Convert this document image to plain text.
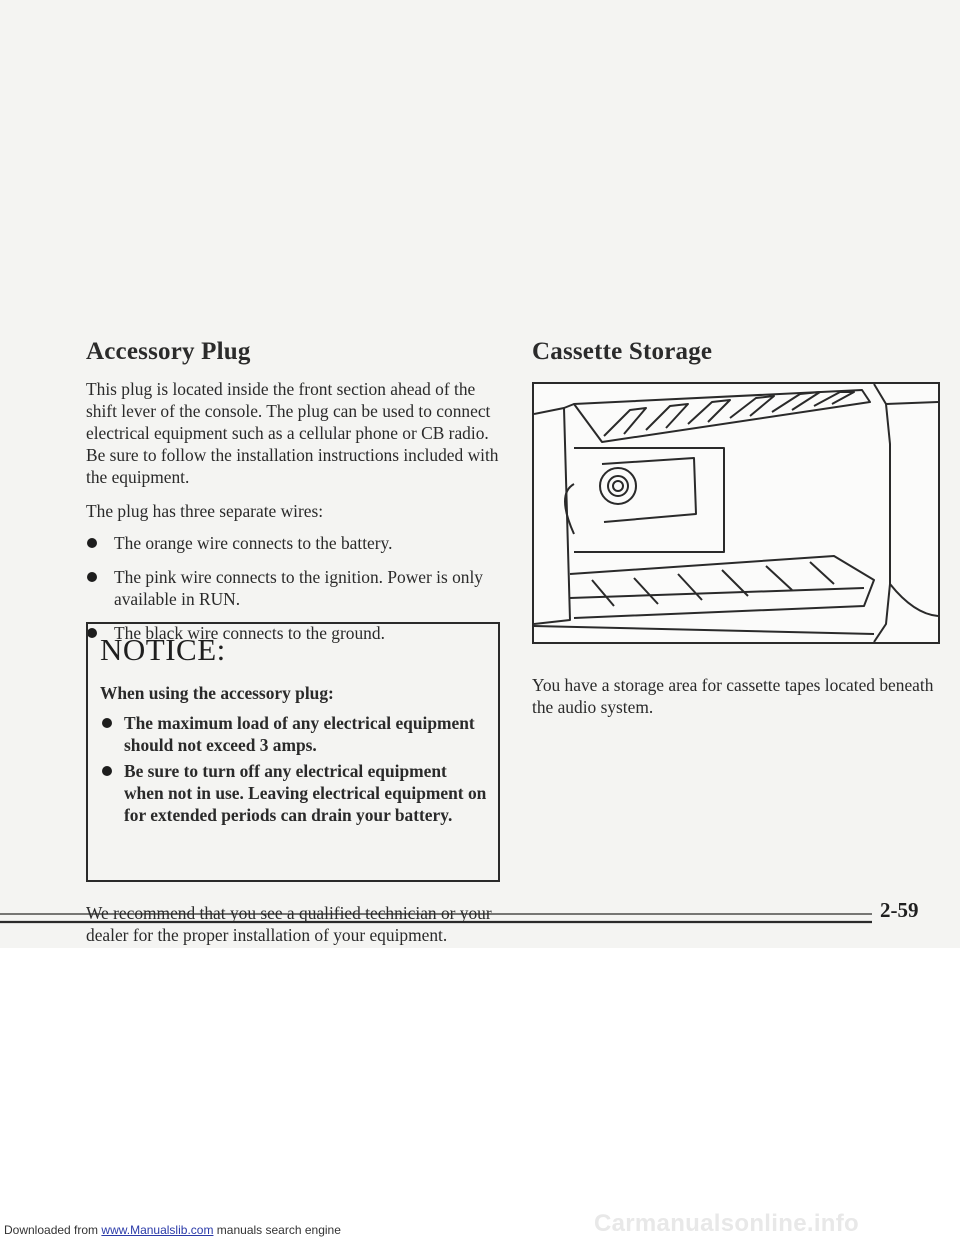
Accessory Plug

This plug is located inside the front section ahead of the shift lever of the console. The plug can be used to connect electrical equipment such as a cellular phone or CB radio. Be sure to follow the installation instructions included with the equipment.

The plug has three separate wires:

The orange wire connects to the battery.
The pink wire connects to the ignition. Power is only available in RUN.
The black wire connects to the ground.
NOTICE:
When using the accessory plug:
The maximum load of any electrical equipment should not exceed 3 amps.
Be sure to turn off any electrical equipment when not in use. Leaving electrical equipment on for extended periods can drain your battery.

We recommend that you see a qualified technician or your dealer for the proper installation of your equipment.

Cassette Storage

You have a storage area for cassette tapes located beneath the audio system.

2-59
Downloaded from www.Manualslib.com manuals search engine	Carmanualsonline.info
